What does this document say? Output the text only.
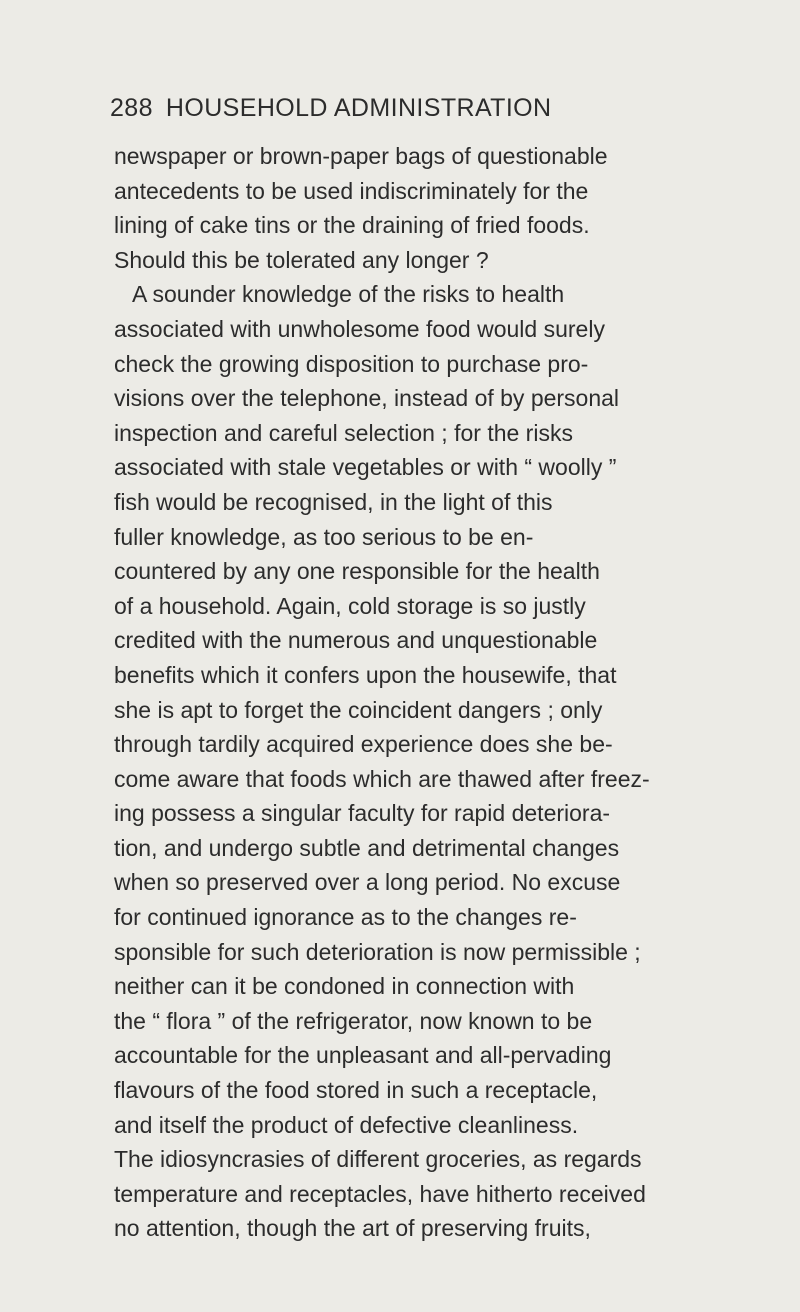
288 HOUSEHOLD ADMINISTRATION
newspaper or brown-paper bags of questionable
antecedents to be used indiscriminately for the
lining of cake tins or the draining of fried foods.
Should this be tolerated any longer ?
A sounder knowledge of the risks to health
associated with unwholesome food would surely
check the growing disposition to purchase pro-
visions over the telephone, instead of by personal
inspection and careful selection ; for the risks
associated with stale vegetables or with “ woolly ”
fish would be recognised, in the light of this
fuller knowledge, as too serious to be en-
countered by any one responsible for the health
of a household. Again, cold storage is so justly
credited with the numerous and unquestionable
benefits which it confers upon the housewife, that
she is apt to forget the coincident dangers ; only
through tardily acquired experience does she be-
come aware that foods which are thawed after freez-
ing possess a singular faculty for rapid deteriora-
tion, and undergo subtle and detrimental changes
when so preserved over a long period. No excuse
for continued ignorance as to the changes re-
sponsible for such deterioration is now permissible ;
neither can it be condoned in connection with
the “ flora ” of the refrigerator, now known to be
accountable for the unpleasant and all-pervading
flavours of the food stored in such a receptacle,
and itself the product of defective cleanliness.
The idiosyncrasies of different groceries, as regards
temperature and receptacles, have hitherto received
no attention, though the art of preserving fruits,
